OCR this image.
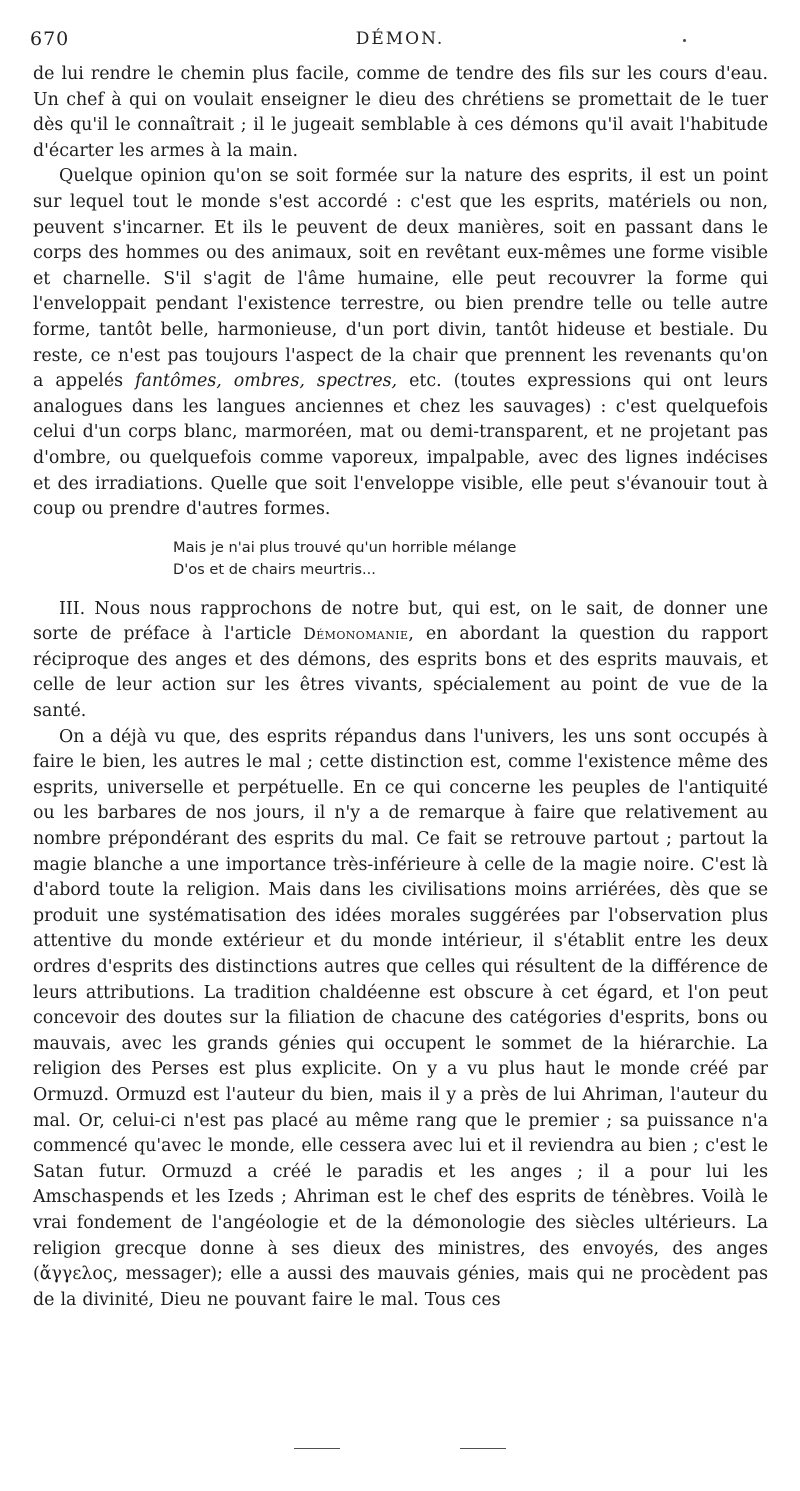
670	DÉMON.

de lui rendre le chemin plus facile, comme de tendre des fils sur les cours d'eau. Un chef à qui on voulait enseigner le dieu des chrétiens se promettait de le tuer dès qu'il le connaîtrait ; il le jugeait semblable à ces démons qu'il avait l'habitude d'écarter les armes à la main.

Quelque opinion qu'on se soit formée sur la nature des esprits, il est un point sur lequel tout le monde s'est accordé : c'est que les esprits, matériels ou non, peuvent s'incarner. Et ils le peuvent de deux manières, soit en passant dans le corps des hommes ou des animaux, soit en revêtant eux-mêmes une forme visible et charnelle. S'il s'agit de l'âme humaine, elle peut recouvrer la forme qui l'enveloppait pendant l'existence terrestre, ou bien prendre telle ou telle autre forme, tantôt belle, harmonieuse, d'un port divin, tantôt hideuse et bestiale. Du reste, ce n'est pas toujours l'aspect de la chair que prennent les revenants qu'on a appelés fantômes, ombres, spectres, etc. (toutes expressions qui ont leurs analogues dans les langues anciennes et chez les sauvages) : c'est quelquefois celui d'un corps blanc, marmoréen, mat ou demi-transparent, et ne projetant pas d'ombre, ou quelquefois comme vaporeux, impalpable, avec des lignes indécises et des irradiations. Quelle que soit l'enveloppe visible, elle peut s'évanouir tout à coup ou prendre d'autres formes.

Mais je n'ai plus trouvé qu'un horrible mélange
D'os et de chairs meurtris...

III. Nous nous rapprochons de notre but, qui est, on le sait, de donner une sorte de préface à l'article Démonomanie, en abordant la question du rapport réciproque des anges et des démons, des esprits bons et des esprits mauvais, et celle de leur action sur les êtres vivants, spécialement au point de vue de la santé.

On a déjà vu que, des esprits répandus dans l'univers, les uns sont occupés à faire le bien, les autres le mal ; cette distinction est, comme l'existence même des esprits, universelle et perpétuelle. En ce qui concerne les peuples de l'antiquité ou les barbares de nos jours, il n'y a de remarque à faire que relativement au nombre prépondérant des esprits du mal. Ce fait se retrouve partout ; partout la magie blanche a une importance très-inférieure à celle de la magie noire. C'est là d'abord toute la religion. Mais dans les civilisations moins arriérées, dès que se produit une systématisation des idées morales suggérées par l'observation plus attentive du monde extérieur et du monde intérieur, il s'établit entre les deux ordres d'esprits des distinctions autres que celles qui résultent de la différence de leurs attributions. La tradition chaldéenne est obscure à cet égard, et l'on peut concevoir des doutes sur la filiation de chacune des catégories d'esprits, bons ou mauvais, avec les grands génies qui occupent le sommet de la hiérarchie. La religion des Perses est plus explicite. On y a vu plus haut le monde créé par Ormuzd. Ormuzd est l'auteur du bien, mais il y a près de lui Ahriman, l'auteur du mal. Or, celui-ci n'est pas placé au même rang que le premier ; sa puissance n'a commencé qu'avec le monde, elle cessera avec lui et il reviendra au bien ; c'est le Satan futur. Ormuzd a créé le paradis et les anges ; il a pour lui les Amschaspends et les Izeds ; Ahriman est le chef des esprits de ténèbres. Voilà le vrai fondement de l'angéologie et de la démonologie des siècles ultérieurs. La religion grecque donne à ses dieux des ministres, des envoyés, des anges (ἄγγελος, messager); elle a aussi des mauvais génies, mais qui ne procèdent pas de la divinité, Dieu ne pouvant faire le mal. Tous ces
